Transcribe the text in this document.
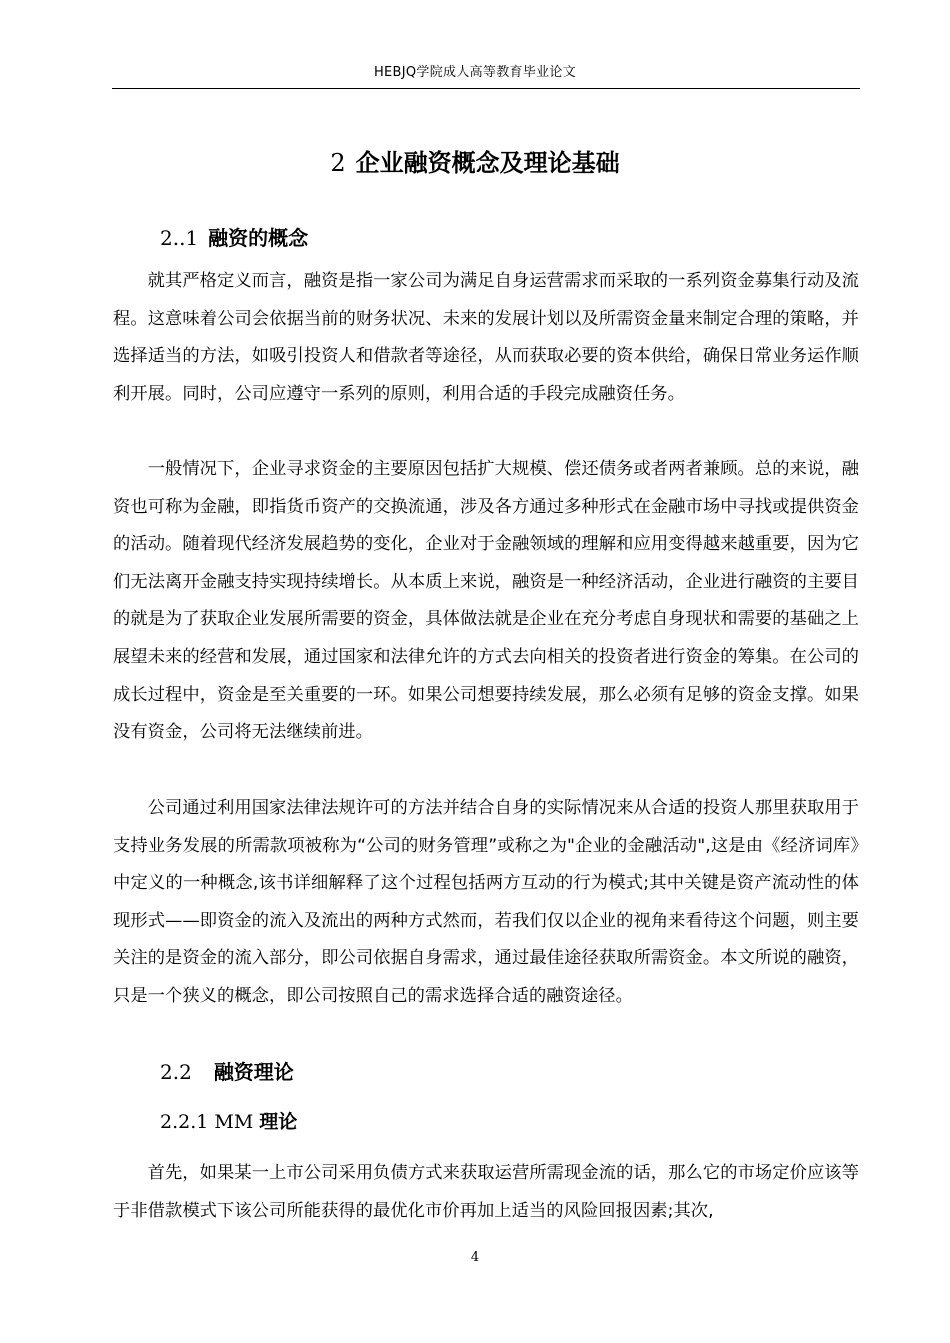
HEBJQ学院成人高等教育毕业论文
2 企业融资概念及理论基础
2..1 融资的概念

就其严格定义而言，融资是指一家公司为满足自身运营需求而采取的一系列资金募集行动及流程。这意味着公司会依据当前的财务状况、未来的发展计划以及所需资金量来制定合理的策略，并选择适当的方法，如吸引投资人和借款者等途径，从而获取必要的资本供给，确保日常业务运作顺利开展。同时，公司应遵守一系列的原则，利用合适的手段完成融资任务。

一般情况下，企业寻求资金的主要原因包括扩大规模、偿还债务或者两者兼顾。总的来说，融资也可称为金融，即指货币资产的交换流通，涉及各方通过多种形式在金融市场中寻找或提供资金的活动。随着现代经济发展趋势的变化，企业对于金融领域的理解和应用变得越来越重要，因为它们无法离开金融支持实现持续增长。从本质上来说，融资是一种经济活动，企业进行融资的主要目的就是为了获取企业发展所需要的资金，具体做法就是企业在充分考虑自身现状和需要的基础之上展望未来的经营和发展，通过国家和法律允许的方式去向相关的投资者进行资金的筹集。在公司的成长过程中，资金是至关重要的一环。如果公司想要持续发展，那么必须有足够的资金支撑。如果没有资金，公司将无法继续前进。

公司通过利用国家法律法规许可的方法并结合自身的实际情况来从合适的投资人那里获取用于支持业务发展的所需款项被称为“公司的财务管理”或称之为"企业的金融活动",这是由《经济词库》中定义的一种概念,该书详细解释了这个过程包括两方互动的行为模式;其中关键是资产流动性的体现形式——即资金的流入及流出的两种方式然而，若我们仅以企业的视角来看待这个问题，则主要关注的是资金的流入部分，即公司依据自身需求，通过最佳途径获取所需资金。本文所说的融资，只是一个狭义的概念，即公司按照自己的需求选择合适的融资途径。

2.2 融资理论
2.2.1 MM 理论

首先，如果某一上市公司采用负债方式来获取运营所需现金流的话，那么它的市场定价应该等于非借款模式下该公司所能获得的最优化市价再加上适当的风险回报因素;其次,

4
